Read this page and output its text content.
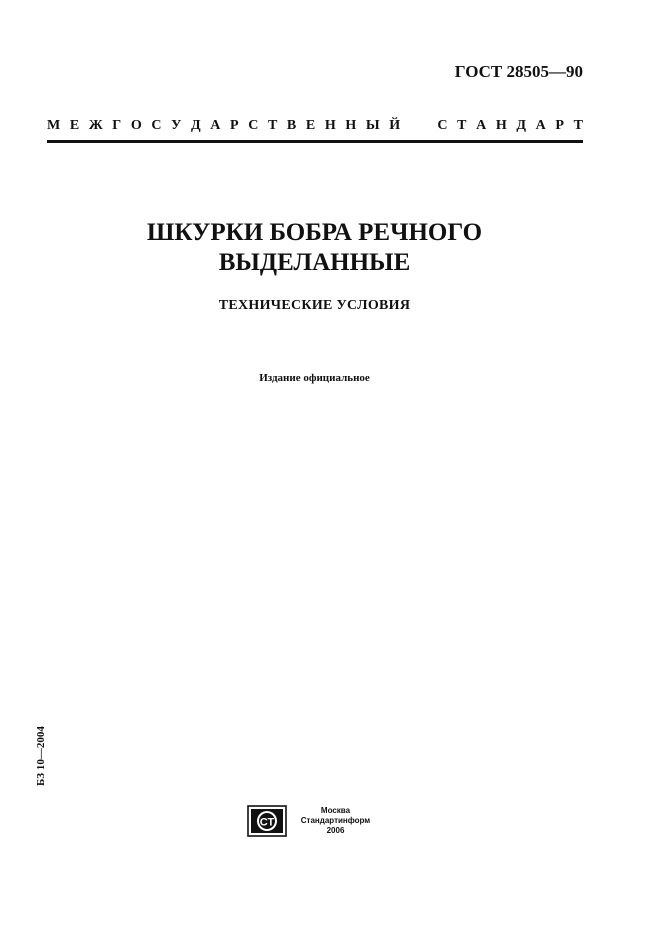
ГОСТ 28505—90
М Е Ж Г О С У Д А Р С Т В Е Н Н Ы Й	С Т А Н Д А Р Т
ШКУРКИ БОБРА РЕЧНОГО
ВЫДЕЛАННЫЕ
ТЕХНИЧЕСКИЕ УСЛОВИЯ
Издание официальное
БЗ 10—2004
СТ
Москва
Стандартинформ
2006
